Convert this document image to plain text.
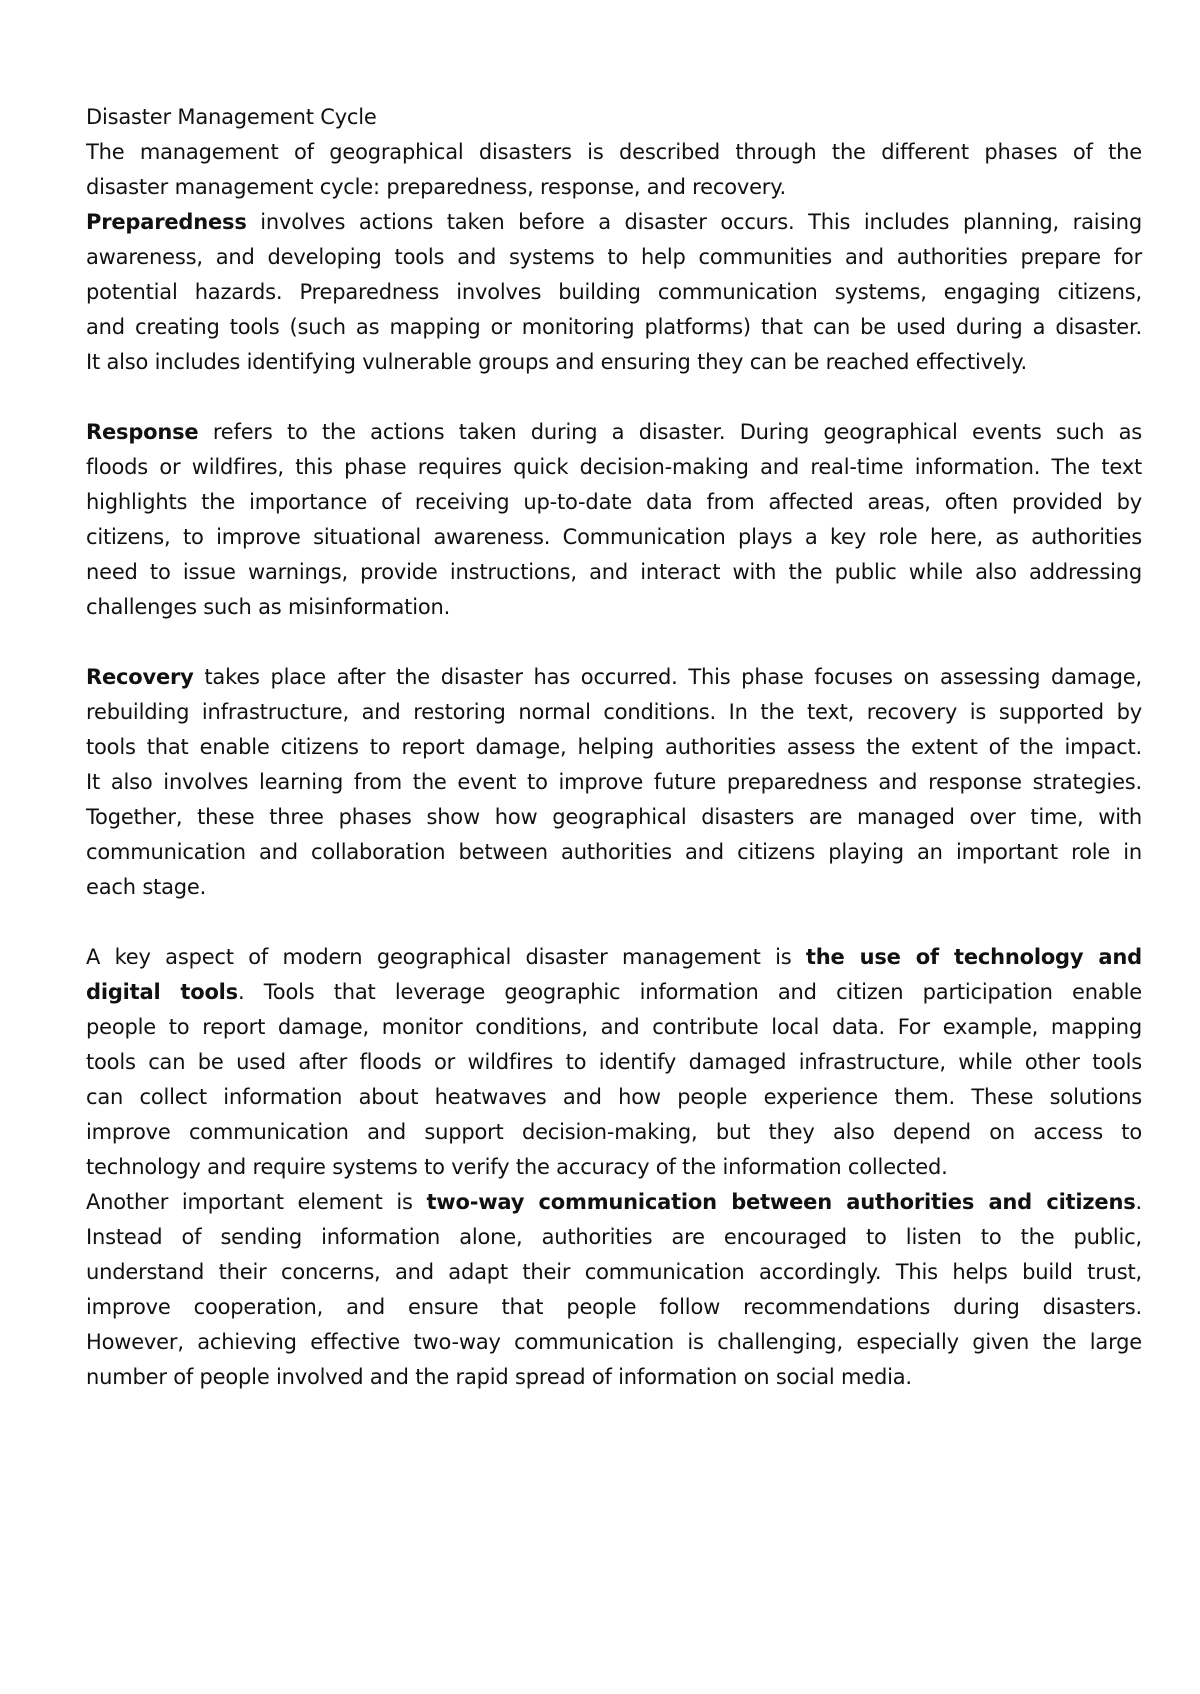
Disaster Management Cycle
The management of geographical disasters is described through the different phases of the
disaster management cycle: preparedness, response, and recovery.
Preparedness involves actions taken before a disaster occurs. This includes planning, raising
awareness, and developing tools and systems to help communities and authorities prepare for
potential hazards. Preparedness involves building communication systems, engaging citizens,
and creating tools (such as mapping or monitoring platforms) that can be used during a disaster.
It also includes identifying vulnerable groups and ensuring they can be reached effectively.
Response refers to the actions taken during a disaster. During geographical events such as
floods or wildfires, this phase requires quick decision-making and real-time information. The text
highlights the importance of receiving up-to-date data from affected areas, often provided by
citizens, to improve situational awareness. Communication plays a key role here, as authorities
need to issue warnings, provide instructions, and interact with the public while also addressing
challenges such as misinformation.
Recovery takes place after the disaster has occurred. This phase focuses on assessing damage,
rebuilding infrastructure, and restoring normal conditions. In the text, recovery is supported by
tools that enable citizens to report damage, helping authorities assess the extent of the impact.
It also involves learning from the event to improve future preparedness and response strategies.
Together, these three phases show how geographical disasters are managed over time, with
communication and collaboration between authorities and citizens playing an important role in
each stage.
A key aspect of modern geographical disaster management is the use of technology and
digital tools. Tools that leverage geographic information and citizen participation enable
people to report damage, monitor conditions, and contribute local data. For example, mapping
tools can be used after floods or wildfires to identify damaged infrastructure, while other tools
can collect information about heatwaves and how people experience them. These solutions
improve communication and support decision-making, but they also depend on access to
technology and require systems to verify the accuracy of the information collected.
Another important element is two-way communication between authorities and citizens.
Instead of sending information alone, authorities are encouraged to listen to the public,
understand their concerns, and adapt their communication accordingly. This helps build trust,
improve cooperation, and ensure that people follow recommendations during disasters.
However, achieving effective two-way communication is challenging, especially given the large
number of people involved and the rapid spread of information on social media.
